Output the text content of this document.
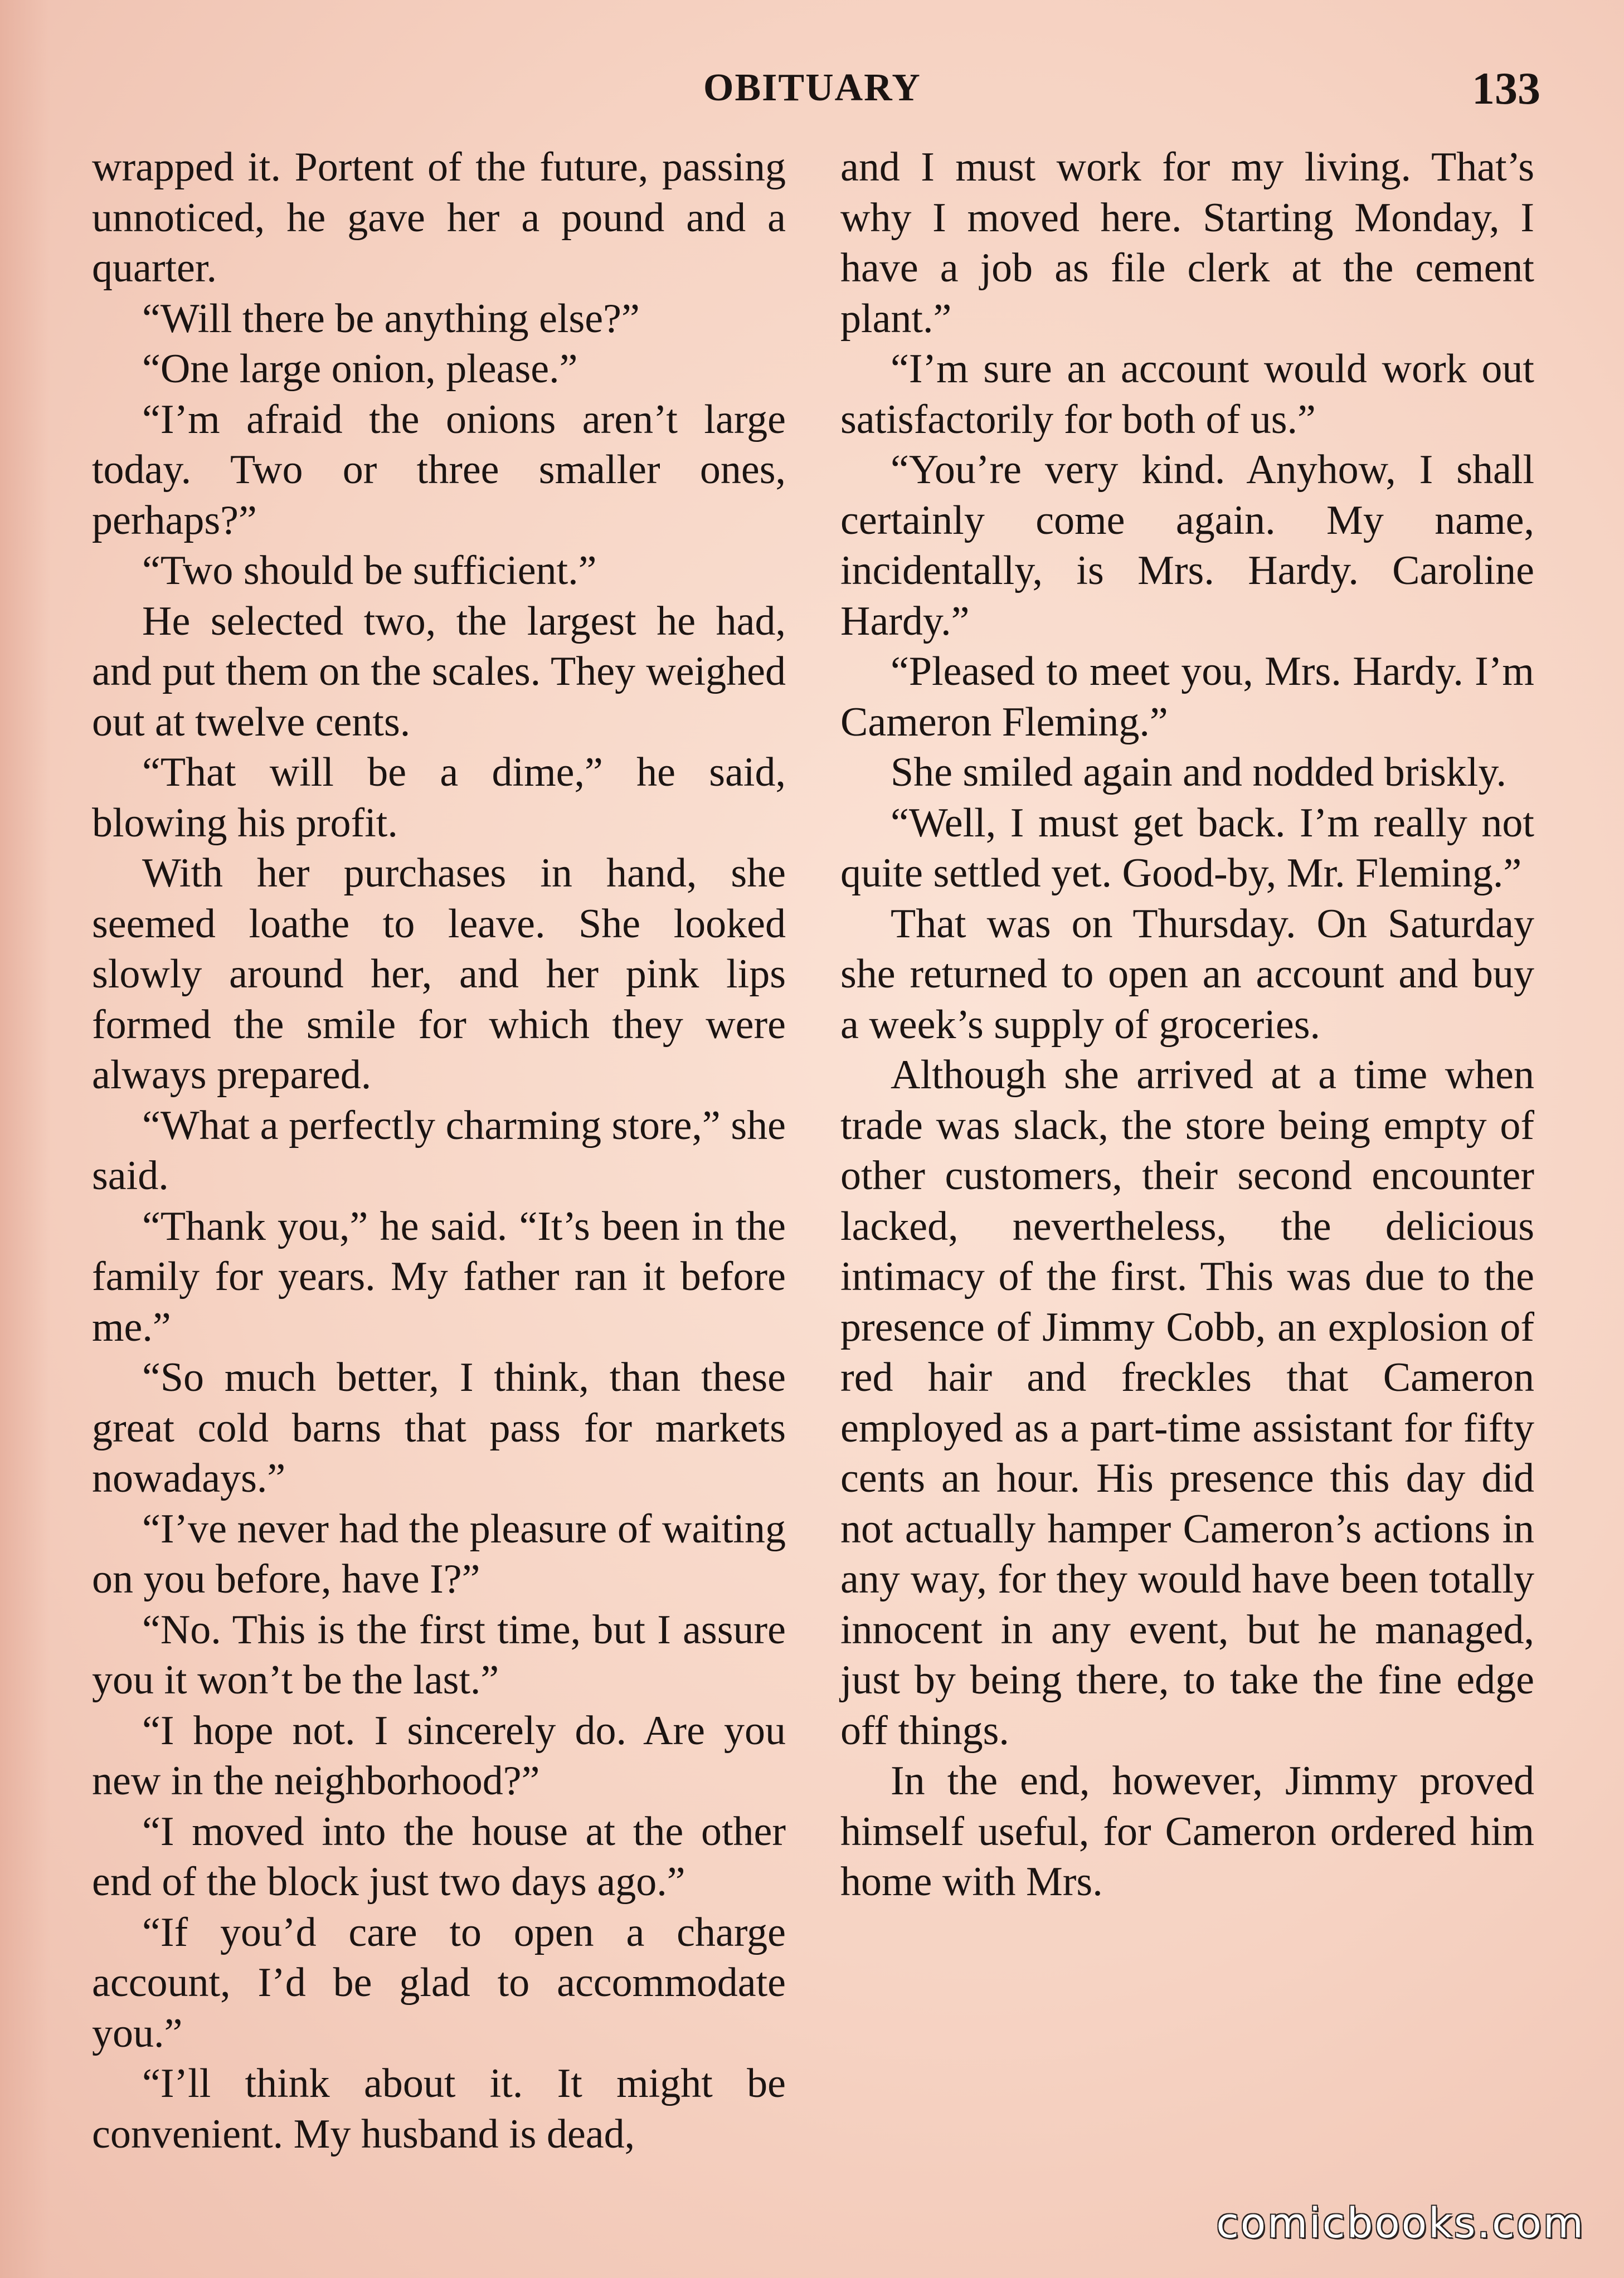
OBITUARY	133

wrapped it. Portent of the future, passing unnoticed, he gave her a pound and a quarter.

“Will there be anything else?”

“One large onion, please.”

“I’m afraid the onions aren’t large today. Two or three smaller ones, perhaps?”

“Two should be sufficient.”

He selected two, the largest he had, and put them on the scales. They weighed out at twelve cents.

“That will be a dime,” he said, blowing his profit.

With her purchases in hand, she seemed loathe to leave. She looked slowly around her, and her pink lips formed the smile for which they were always prepared.

“What a perfectly charming store,” she said.

“Thank you,” he said. “It’s been in the family for years. My father ran it before me.”

“So much better, I think, than these great cold barns that pass for markets nowadays.”

“I’ve never had the pleasure of waiting on you before, have I?”

“No. This is the first time, but I assure you it won’t be the last.”

“I hope not. I sincerely do. Are you new in the neighborhood?”

“I moved into the house at the other end of the block just two days ago.”

“If you’d care to open a charge account, I’d be glad to accommodate you.”

“I’ll think about it. It might be convenient. My husband is dead,

and I must work for my living. That’s why I moved here. Starting Monday, I have a job as file clerk at the cement plant.”

“I’m sure an account would work out satisfactorily for both of us.”

“You’re very kind. Anyhow, I shall certainly come again. My name, incidentally, is Mrs. Hardy. Caroline Hardy.”

“Pleased to meet you, Mrs. Hardy. I’m Cameron Fleming.”

She smiled again and nodded briskly.

“Well, I must get back. I’m really not quite settled yet. Good-by, Mr. Fleming.”

That was on Thursday. On Saturday she returned to open an account and buy a week’s supply of groceries.

Although she arrived at a time when trade was slack, the store being empty of other customers, their second encounter lacked, nevertheless, the delicious intimacy of the first. This was due to the presence of Jimmy Cobb, an explosion of red hair and freckles that Cameron employed as a part-time assistant for fifty cents an hour. His presence this day did not actually hamper Cameron’s actions in any way, for they would have been totally innocent in any event, but he managed, just by being there, to take the fine edge off things.

In the end, however, Jimmy proved himself useful, for Cameron ordered him home with Mrs.

comicbooks.com
